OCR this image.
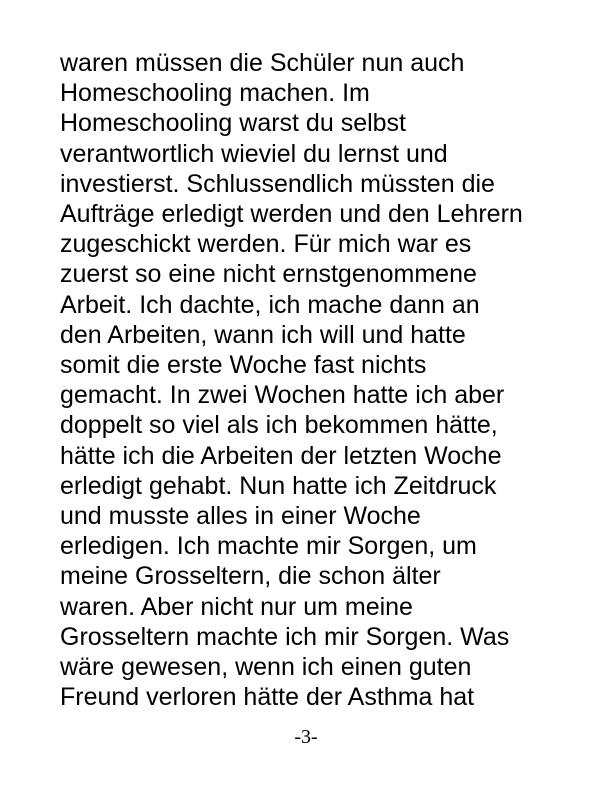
waren müssen die Schüler nun auch
Homeschooling machen. Im
Homeschooling warst du selbst
verantwortlich wieviel du lernst und
investierst. Schlussendlich müssten die
Aufträge erledigt werden und den Lehrern
zugeschickt werden. Für mich war es
zuerst so eine nicht ernstgenommene
Arbeit. Ich dachte, ich mache dann an
den Arbeiten, wann ich will und hatte
somit die erste Woche fast nichts
gemacht. In zwei Wochen hatte ich aber
doppelt so viel als ich bekommen hätte,
hätte ich die Arbeiten der letzten Woche
erledigt gehabt. Nun hatte ich Zeitdruck
und musste alles in einer Woche
erledigen. Ich machte mir Sorgen, um
meine Grosseltern, die schon älter
waren. Aber nicht nur um meine
Grosseltern machte ich mir Sorgen. Was
wäre gewesen, wenn ich einen guten
Freund verloren hätte der Asthma hat
-3-
